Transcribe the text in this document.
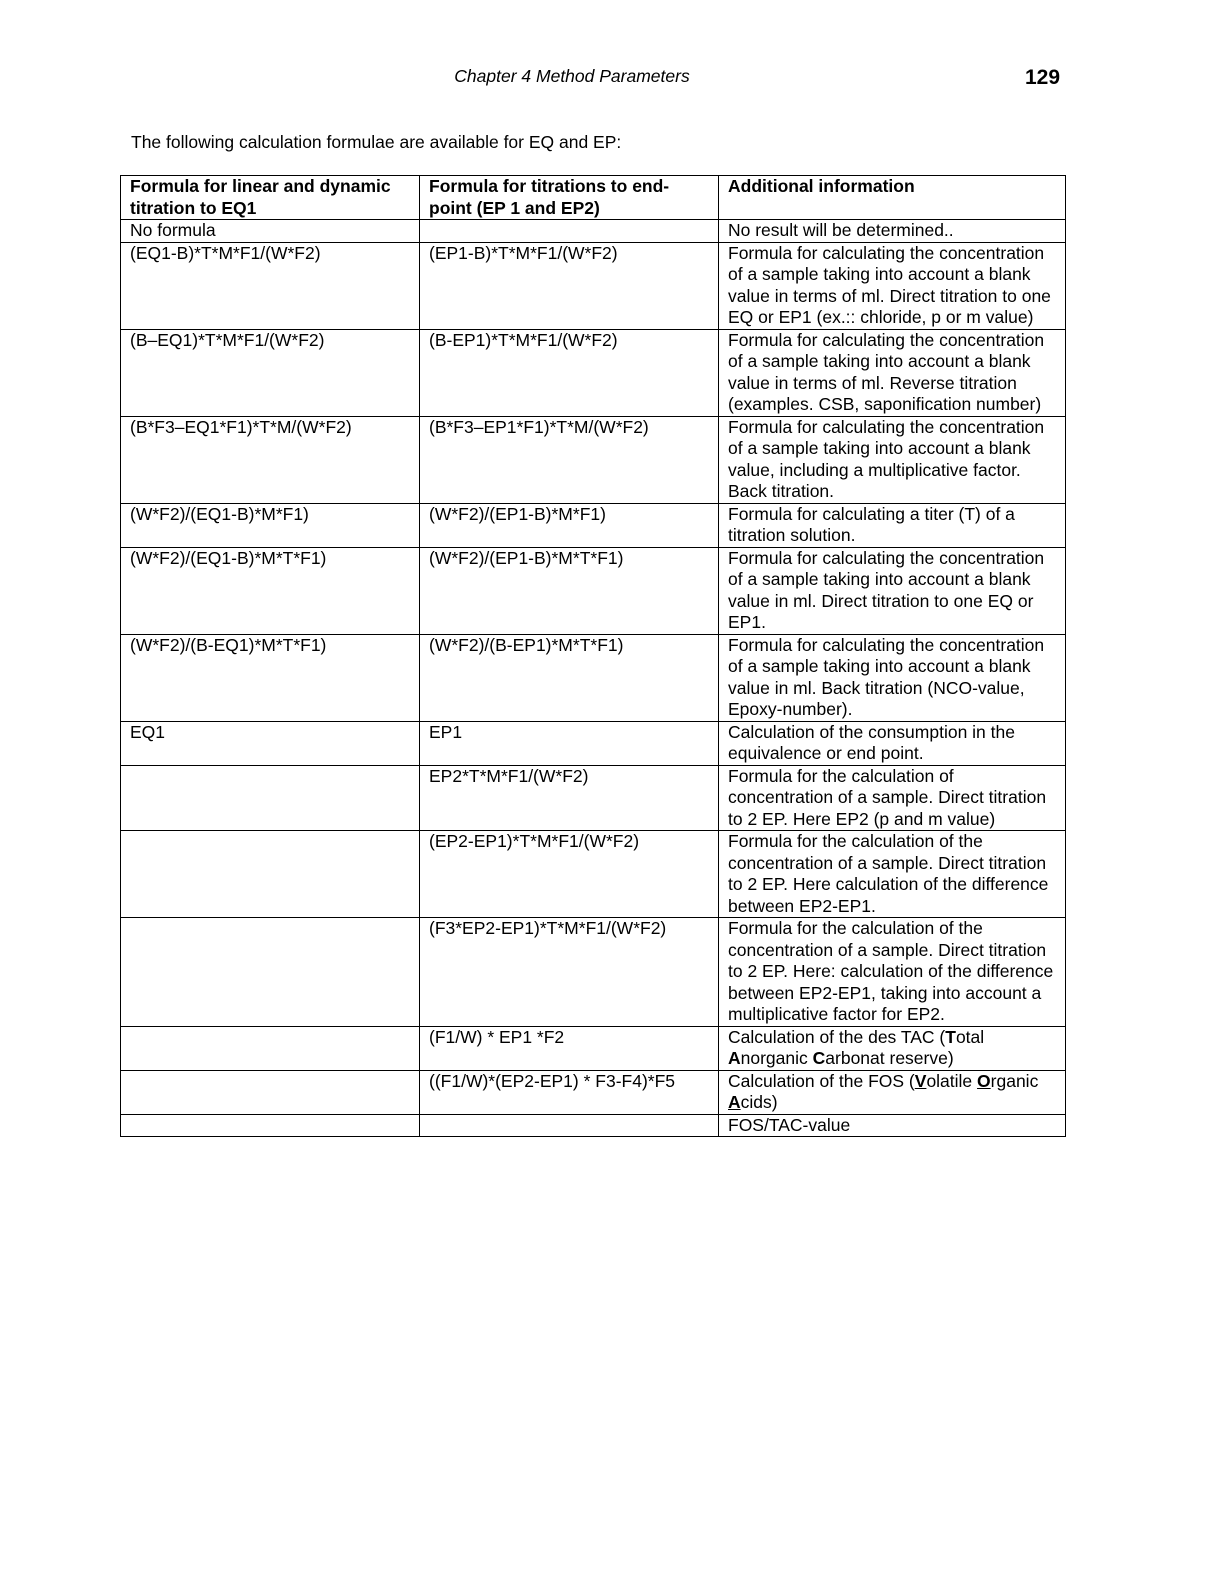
Chapter 4 Method Parameters	129
The following calculation formulae are available for EQ and EP:
Formula for linear and dynamic titration to EQ1	Formula for titrations to end-point (EP 1 and EP2)	Additional information
No formula		No result will be determined..
(EQ1-B)*T*M*F1/(W*F2)	(EP1-B)*T*M*F1/(W*F2)	Formula for calculating the concentration of a sample taking into account a blank value in terms of ml. Direct titration to one EQ or EP1 (ex.:: chloride, p or m value)
(B–EQ1)*T*M*F1/(W*F2)	(B-EP1)*T*M*F1/(W*F2)	Formula for calculating the concentration of a sample taking into account a blank value in terms of ml. Reverse titration (examples. CSB, saponification number)
(B*F3–EQ1*F1)*T*M/(W*F2)	(B*F3–EP1*F1)*T*M/(W*F2)	Formula for calculating the concentration of a sample taking into account a blank value, including a multiplicative factor. Back titration.
(W*F2)/(EQ1-B)*M*F1)	(W*F2)/(EP1-B)*M*F1)	Formula for calculating a titer (T) of a titration solution.
(W*F2)/(EQ1-B)*M*T*F1)	(W*F2)/(EP1-B)*M*T*F1)	Formula for calculating the concentration of a sample taking into account a blank value in ml. Direct titration to one EQ or EP1.
(W*F2)/(B-EQ1)*M*T*F1)	(W*F2)/(B-EP1)*M*T*F1)	Formula for calculating the concentration of a sample taking into account a blank value in ml. Back titration (NCO-value, Epoxy-number).
EQ1	EP1	Calculation of the consumption in the equivalence or end point.
	EP2*T*M*F1/(W*F2)	Formula for the calculation of concentration of a sample. Direct titration to 2 EP. Here EP2 (p and m value)
	(EP2-EP1)*T*M*F1/(W*F2)	Formula for the calculation of the concentration of a sample. Direct titration to 2 EP. Here calculation of the difference between EP2-EP1.
	(F3*EP2-EP1)*T*M*F1/(W*F2)	Formula for the calculation of the concentration of a sample. Direct titration to 2 EP. Here: calculation of the difference between EP2-EP1, taking into account a multiplicative factor for EP2.
	(F1/W) * EP1 *F2	Calculation of the des TAC (Total Anorganic Carbonat reserve)
	((F1/W)*(EP2-EP1) * F3-F4)*F5	Calculation of the FOS (Volatile Organic Acids)
		FOS/TAC-value
